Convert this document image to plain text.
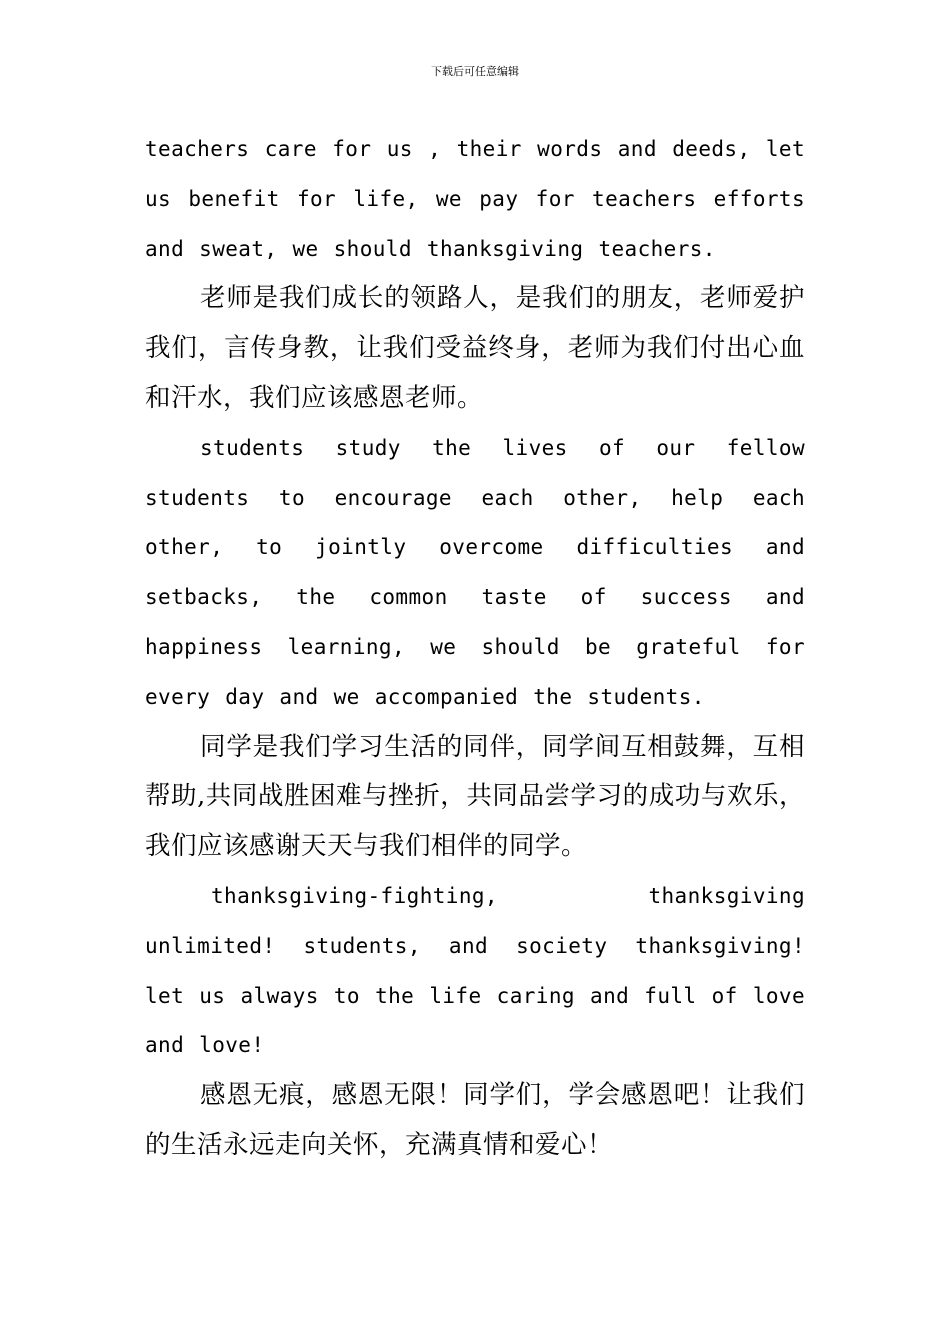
下载后可任意编辑

teachers care for us , their words and deeds, let us benefit for life, we pay for teachers efforts and sweat, we should thanksgiving teachers.

老师是我们成长的领路人，是我们的朋友，老师爱护我们，言传身教，让我们受益终身，老师为我们付出心血和汗水，我们应该感恩老师。

students study the lives of our fellow students to encourage each other, help each other, to jointly overcome difficulties and setbacks, the common taste of success and happiness learning, we should be grateful for every day and we accompanied the students.

同学是我们学习生活的同伴，同学间互相鼓舞，互相帮助,共同战胜困难与挫折，共同品尝学习的成功与欢乐，我们应该感谢天天与我们相伴的同学。

thanksgiving-fighting, thanksgiving unlimited! students, and society thanksgiving! let us always to the life caring and full of love and love!

感恩无痕，感恩无限！同学们，学会感恩吧！让我们的生活永远走向关怀，充满真情和爱心！
